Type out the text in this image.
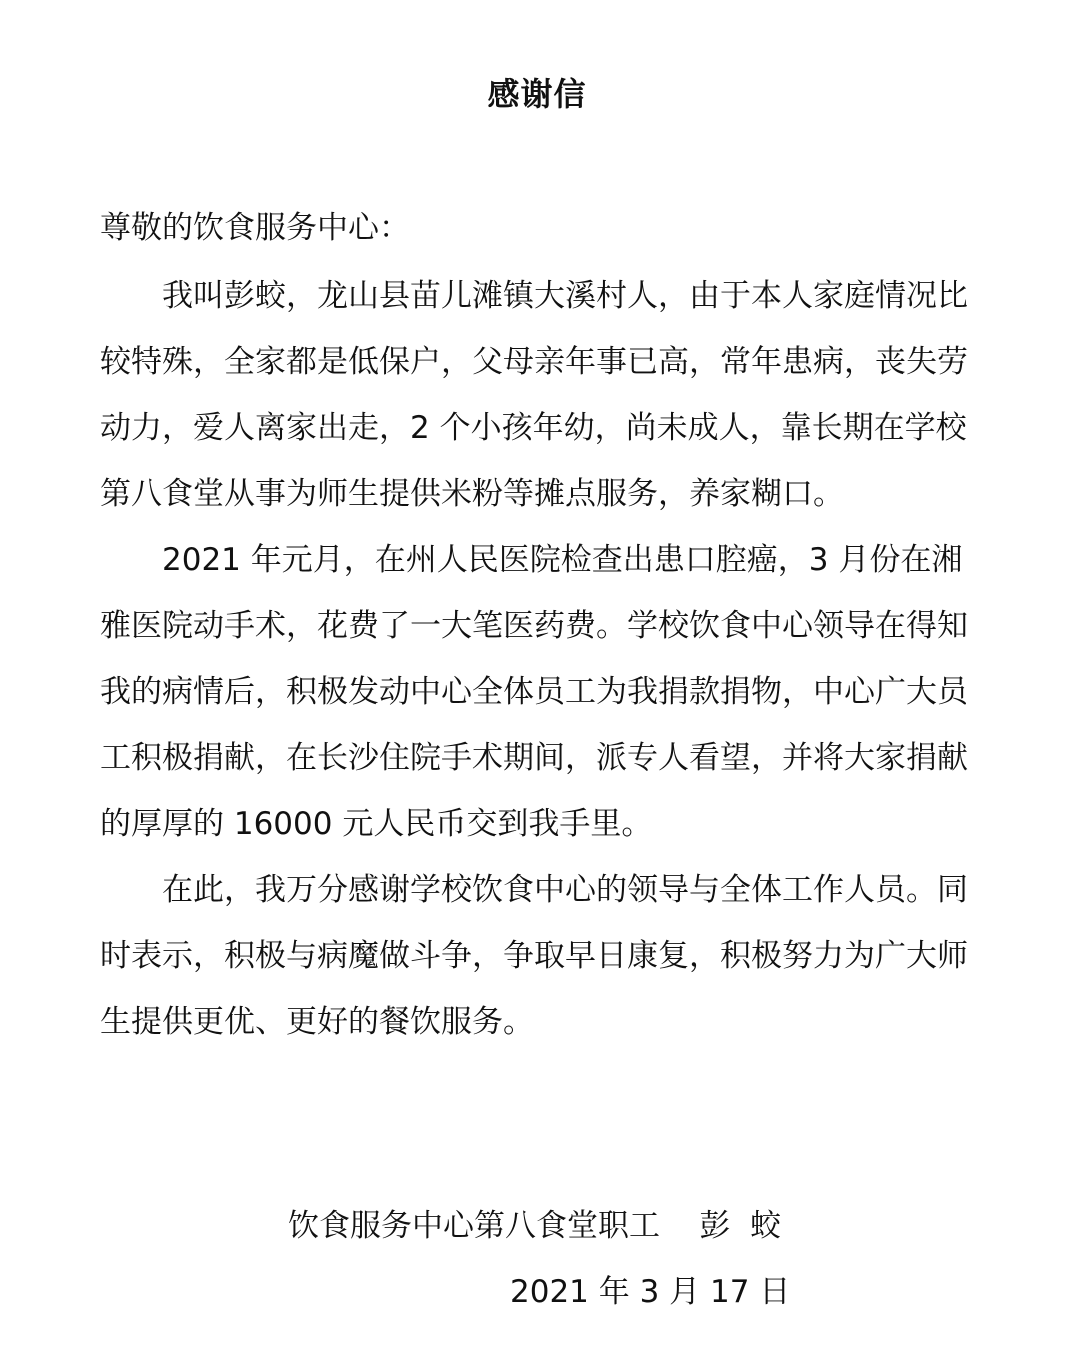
感谢信
尊敬的饮食服务中心：

我叫彭蛟，龙山县苗儿滩镇大溪村人，由于本人家庭情况比较特殊，全家都是低保户，父母亲年事已高，常年患病，丧失劳动力，爱人离家出走，2 个小孩年幼，尚未成人，靠长期在学校第八食堂从事为师生提供米粉等摊点服务，养家糊口。

2021 年元月，在州人民医院检查出患口腔癌，3 月份在湘雅医院动手术，花费了一大笔医药费。学校饮食中心领导在得知我的病情后，积极发动中心全体员工为我捐款捐物，中心广大员工积极捐献，在长沙住院手术期间，派专人看望，并将大家捐献的厚厚的 16000 元人民币交到我手里。

在此，我万分感谢学校饮食中心的领导与全体工作人员。同时表示，积极与病魔做斗争，争取早日康复，积极努力为广大师生提供更优、更好的餐饮服务。

饮食服务中心第八食堂职工    彭  蛟
2021 年 3 月 17 日
